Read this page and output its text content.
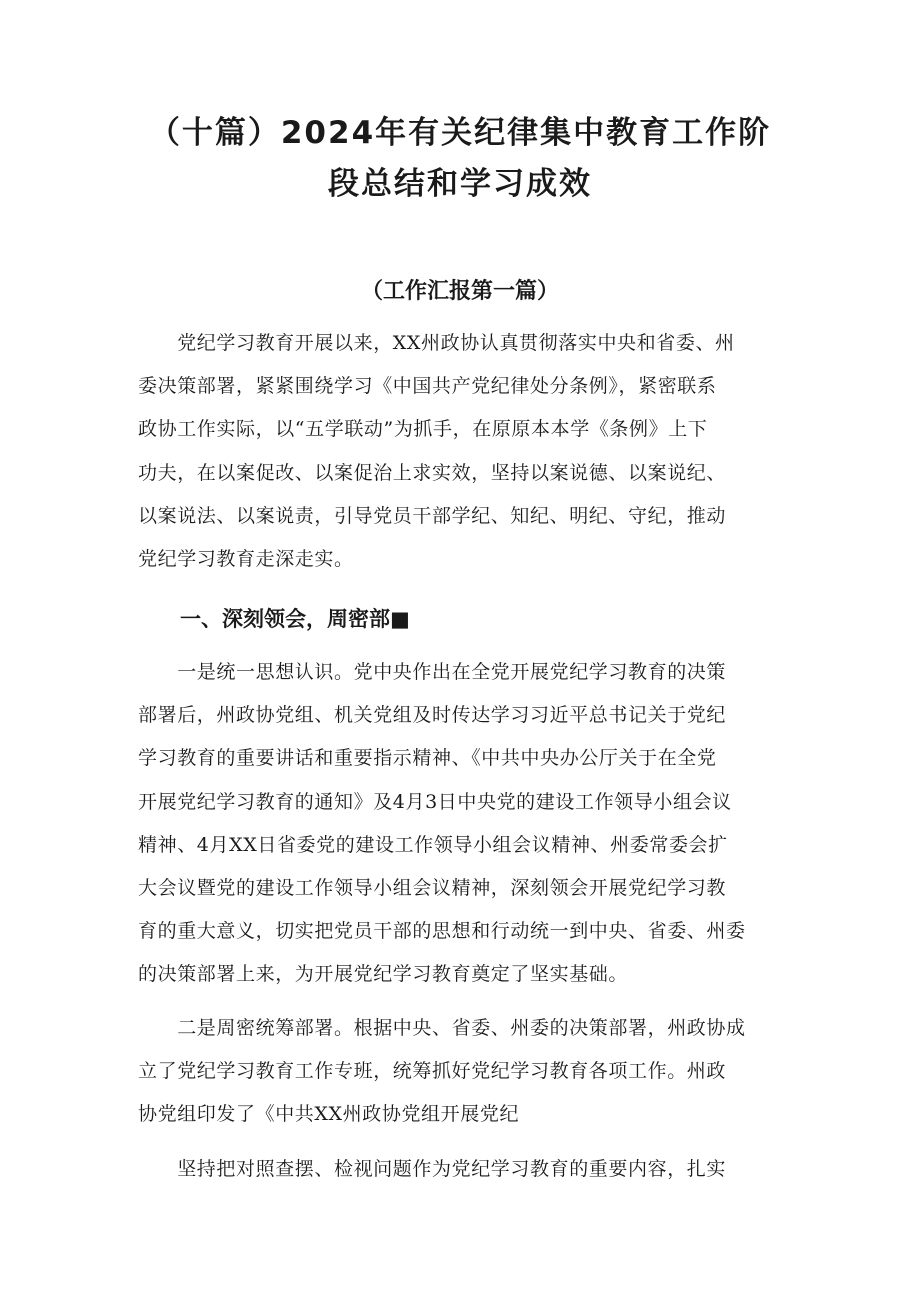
（十篇）2024年有关纪律集中教育工作阶
段总结和学习成效
（工作汇报第一篇）

　　党纪学习教育开展以来，XX州政协认真贯彻落实中央和省委、州
委决策部署，紧紧围绕学习《中国共产党纪律处分条例》，紧密联系
政协工作实际，以“五学联动”为抓手，在原原本本学《条例》上下
功夫，在以案促改、以案促治上求实效，坚持以案说德、以案说纪、
以案说法、以案说责，引导党员干部学纪、知纪、明纪、守纪，推动
党纪学习教育走深走实。

一、深刻领会，周密部■

　　一是统一思想认识。党中央作出在全党开展党纪学习教育的决策
部署后，州政协党组、机关党组及时传达学习习近平总书记关于党纪
学习教育的重要讲话和重要指示精神、《中共中央办公厅关于在全党
开展党纪学习教育的通知》及4月3日中央党的建设工作领导小组会议
精神、4月XX日省委党的建设工作领导小组会议精神、州委常委会扩
大会议暨党的建设工作领导小组会议精神，深刻领会开展党纪学习教
育的重大意义，切实把党员干部的思想和行动统一到中央、省委、州委
的决策部署上来，为开展党纪学习教育奠定了坚实基础。

　　二是周密统筹部署。根据中央、省委、州委的决策部署，州政协成
立了党纪学习教育工作专班，统筹抓好党纪学习教育各项工作。州政
协党组印发了《中共XX州政协党组开展党纪

　　坚持把对照查摆、检视问题作为党纪学习教育的重要内容，扎实
